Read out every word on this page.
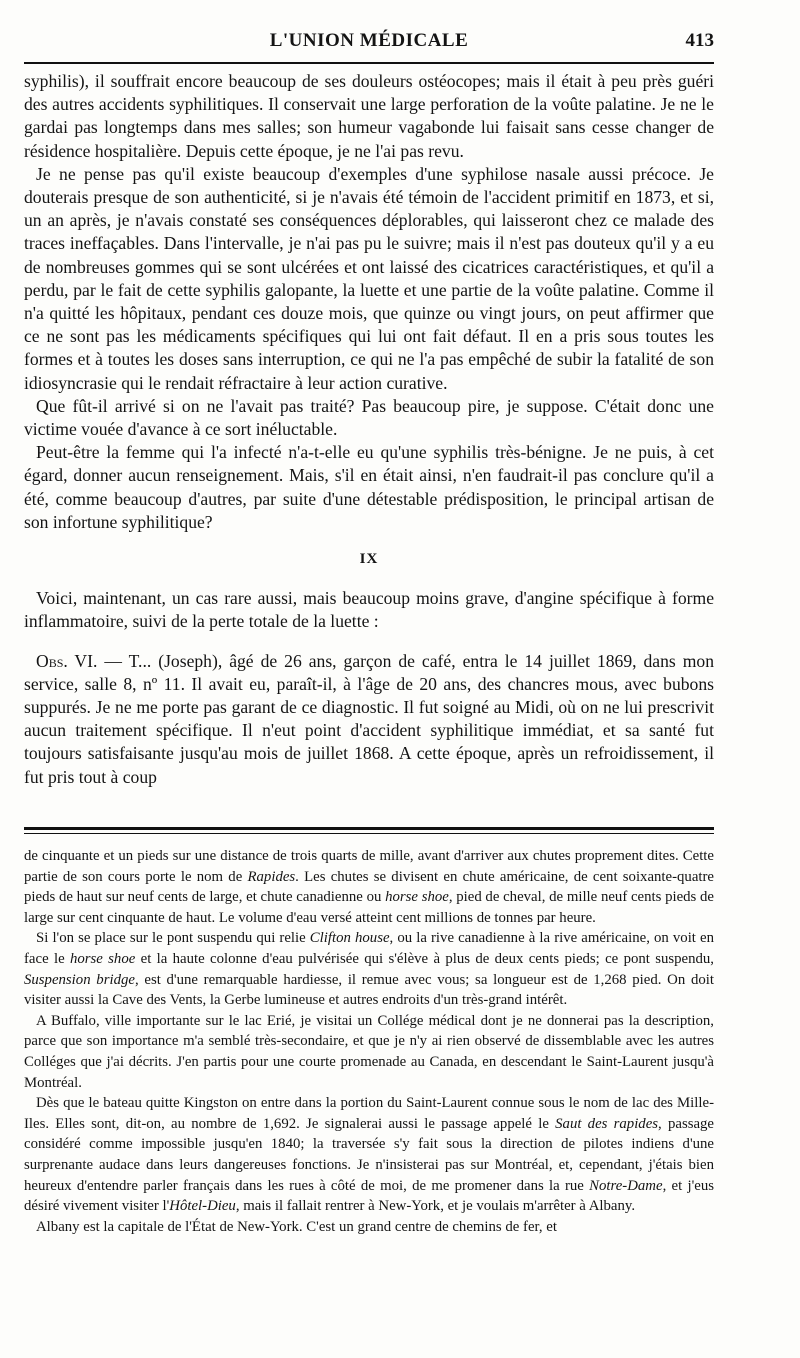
L'UNION MÉDICALE	413

syphilis), il souffrait encore beaucoup de ses douleurs ostéocopes; mais il était à peu près guéri des autres accidents syphilitiques. Il conservait une large perforation de la voûte palatine. Je ne le gardai pas longtemps dans mes salles; son humeur vagabonde lui faisait sans cesse changer de résidence hospitalière. Depuis cette époque, je ne l'ai pas revu.

Je ne pense pas qu'il existe beaucoup d'exemples d'une syphilose nasale aussi précoce. Je douterais presque de son authenticité, si je n'avais été témoin de l'accident primitif en 1873, et si, un an après, je n'avais constaté ses conséquences déplorables, qui laisseront chez ce malade des traces ineffaçables. Dans l'intervalle, je n'ai pas pu le suivre; mais il n'est pas douteux qu'il y a eu de nombreuses gommes qui se sont ulcérées et ont laissé des cicatrices caractéristiques, et qu'il a perdu, par le fait de cette syphilis galopante, la luette et une partie de la voûte palatine. Comme il n'a quitté les hôpitaux, pendant ces douze mois, que quinze ou vingt jours, on peut affirmer que ce ne sont pas les médicaments spécifiques qui lui ont fait défaut. Il en a pris sous toutes les formes et à toutes les doses sans interruption, ce qui ne l'a pas empêché de subir la fatalité de son idiosyncrasie qui le rendait réfractaire à leur action curative.

Que fût-il arrivé si on ne l'avait pas traité? Pas beaucoup pire, je suppose. C'était donc une victime vouée d'avance à ce sort inéluctable.

Peut-être la femme qui l'a infecté n'a-t-elle eu qu'une syphilis très-bénigne. Je ne puis, à cet égard, donner aucun renseignement. Mais, s'il en était ainsi, n'en faudrait-il pas conclure qu'il a été, comme beaucoup d'autres, par suite d'une détestable prédisposition, le principal artisan de son infortune syphilitique?

IX

Voici, maintenant, un cas rare aussi, mais beaucoup moins grave, d'angine spécifique à forme inflammatoire, suivi de la perte totale de la luette :

Obs. VI. — T... (Joseph), âgé de 26 ans, garçon de café, entra le 14 juillet 1869, dans mon service, salle 8, nº 11. Il avait eu, paraît-il, à l'âge de 20 ans, des chancres mous, avec bubons suppurés. Je ne me porte pas garant de ce diagnostic. Il fut soigné au Midi, où on ne lui prescrivit aucun traitement spécifique. Il n'eut point d'accident syphilitique immédiat, et sa santé fut toujours satisfaisante jusqu'au mois de juillet 1868. A cette époque, après un refroidissement, il fut pris tout à coup

de cinquante et un pieds sur une distance de trois quarts de mille, avant d'arriver aux chutes proprement dites. Cette partie de son cours porte le nom de Rapides. Les chutes se divisent en chute américaine, de cent soixante-quatre pieds de haut sur neuf cents de large, et chute canadienne ou horse shoe, pied de cheval, de mille neuf cents pieds de large sur cent cinquante de haut. Le volume d'eau versé atteint cent millions de tonnes par heure.

Si l'on se place sur le pont suspendu qui relie Clifton house, ou la rive canadienne à la rive américaine, on voit en face le horse shoe et la haute colonne d'eau pulvérisée qui s'élève à plus de deux cents pieds; ce pont suspendu, Suspension bridge, est d'une remarquable hardiesse, il remue avec vous; sa longueur est de 1,268 pied. On doit visiter aussi la Cave des Vents, la Gerbe lumineuse et autres endroits d'un très-grand intérêt.

A Buffalo, ville importante sur le lac Erié, je visitai un Collége médical dont je ne donnerai pas la description, parce que son importance m'a semblé très-secondaire, et que je n'y ai rien observé de dissemblable avec les autres Colléges que j'ai décrits. J'en partis pour une courte promenade au Canada, en descendant le Saint-Laurent jusqu'à Montréal.

Dès que le bateau quitte Kingston on entre dans la portion du Saint-Laurent connue sous le nom de lac des Mille-Iles. Elles sont, dit-on, au nombre de 1,692. Je signalerai aussi le passage appelé le Saut des rapides, passage considéré comme impossible jusqu'en 1840; la traversée s'y fait sous la direction de pilotes indiens d'une surprenante audace dans leurs dangereuses fonctions. Je n'insisterai pas sur Montréal, et, cependant, j'étais bien heureux d'entendre parler français dans les rues à côté de moi, de me promener dans la rue Notre-Dame, et j'eus désiré vivement visiter l'Hôtel-Dieu, mais il fallait rentrer à New-York, et je voulais m'arrêter à Albany.

Albany est la capitale de l'État de New-York. C'est un grand centre de chemins de fer, et
